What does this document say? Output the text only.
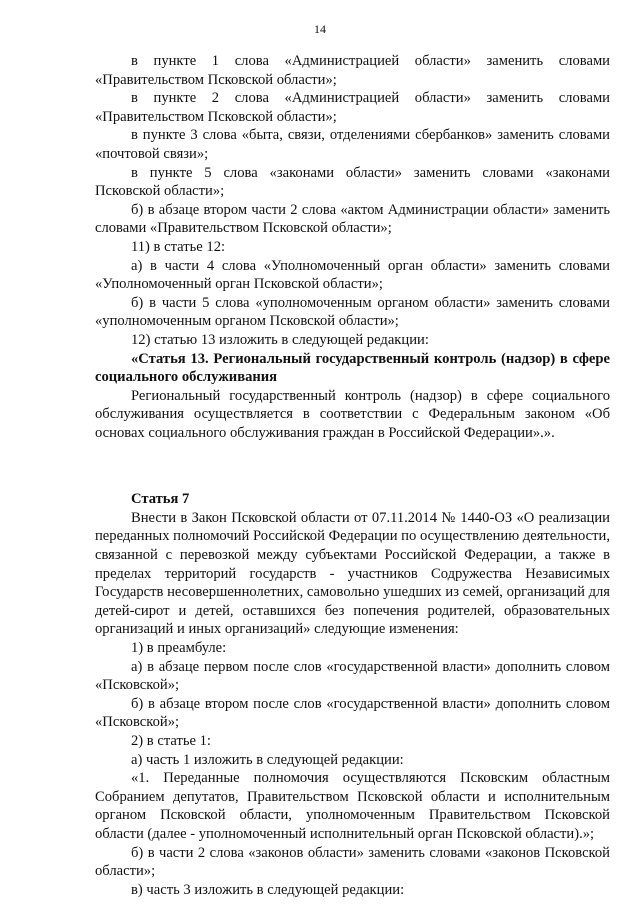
14

в пункте 1 слова «Администрацией области» заменить словами «Правительством Псковской области»;

в пункте 2 слова «Администрацией области» заменить словами «Правительством Псковской области»;

в пункте 3 слова «быта, связи, отделениями сбербанков» заменить словами «почтовой связи»;

в пункте 5 слова «законами области» заменить словами «законами Псковской области»;

б) в абзаце втором части 2 слова «актом Администрации области» заменить словами «Правительством Псковской области»;

11) в статье 12:

а) в части 4 слова «Уполномоченный орган области» заменить словами «Уполномоченный орган Псковской области»;

б) в части 5 слова «уполномоченным органом области» заменить словами «уполномоченным органом Псковской области»;

12) статью 13 изложить в следующей редакции:

«Статья 13. Региональный государственный контроль (надзор) в сфере социального обслуживания

Региональный государственный контроль (надзор) в сфере социального обслуживания осуществляется в соответствии с Федеральным законом «Об основах социального обслуживания граждан в Российской Федерации».».

Статья 7

Внести в Закон Псковской области от 07.11.2014 № 1440-ОЗ «О реализации переданных полномочий Российской Федерации по осуществлению деятельности, связанной с перевозкой между субъектами Российской Федерации, а также в пределах территорий государств - участников Содружества Независимых Государств несовершеннолетних, самовольно ушедших из семей, организаций для детей-сирот и детей, оставшихся без попечения родителей, образовательных организаций и иных организаций» следующие изменения:

1) в преамбуле:

а) в абзаце первом после слов «государственной власти» дополнить словом «Псковской»;

б) в абзаце втором после слов «государственной власти» дополнить словом «Псковской»;

2) в статье 1:

а) часть 1 изложить в следующей редакции:

«1. Переданные полномочия осуществляются Псковским областным Собранием депутатов, Правительством Псковской области и исполнительным органом Псковской области, уполномоченным Правительством Псковской области (далее - уполномоченный исполнительный орган Псковской области).»;

б) в части 2 слова «законов области» заменить словами «законов Псковской области»;

в) часть 3 изложить в следующей редакции:
